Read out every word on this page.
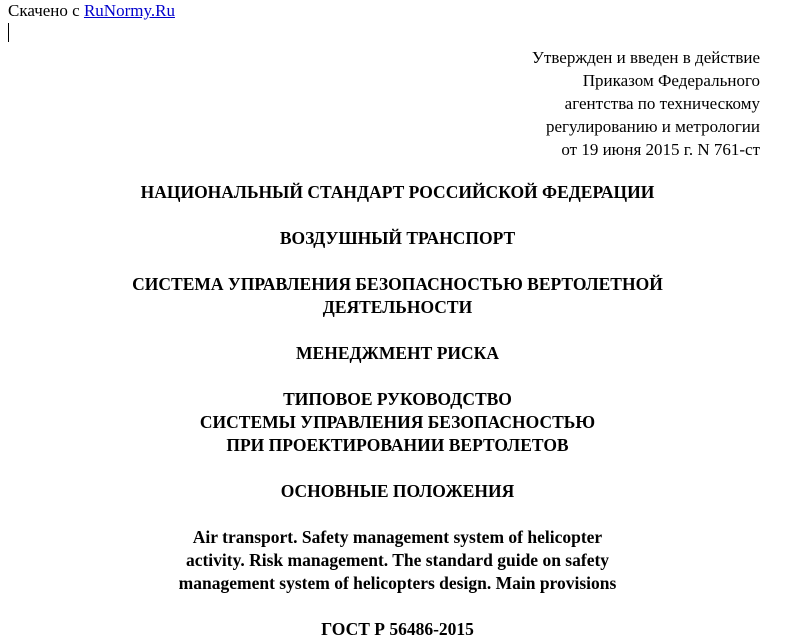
Скачено с RuNormy.Ru
Утвержден и введен в действие
Приказом Федерального
агентства по техническому
регулированию и метрологии
от 19 июня 2015 г. N 761-ст
НАЦИОНАЛЬНЫЙ СТАНДАРТ РОССИЙСКОЙ ФЕДЕРАЦИИ
ВОЗДУШНЫЙ ТРАНСПОРТ
СИСТЕМА УПРАВЛЕНИЯ БЕЗОПАСНОСТЬЮ ВЕРТОЛЕТНОЙ
ДЕЯТЕЛЬНОСТИ
МЕНЕДЖМЕНТ РИСКА
ТИПОВОЕ РУКОВОДСТВО
СИСТЕМЫ УПРАВЛЕНИЯ БЕЗОПАСНОСТЬЮ
ПРИ ПРОЕКТИРОВАНИИ ВЕРТОЛЕТОВ
ОСНОВНЫЕ ПОЛОЖЕНИЯ
Air transport. Safety management system of helicopter
activity. Risk management. The standard guide on safety
management system of helicopters design. Main provisions
ГОСТ Р 56486-2015
